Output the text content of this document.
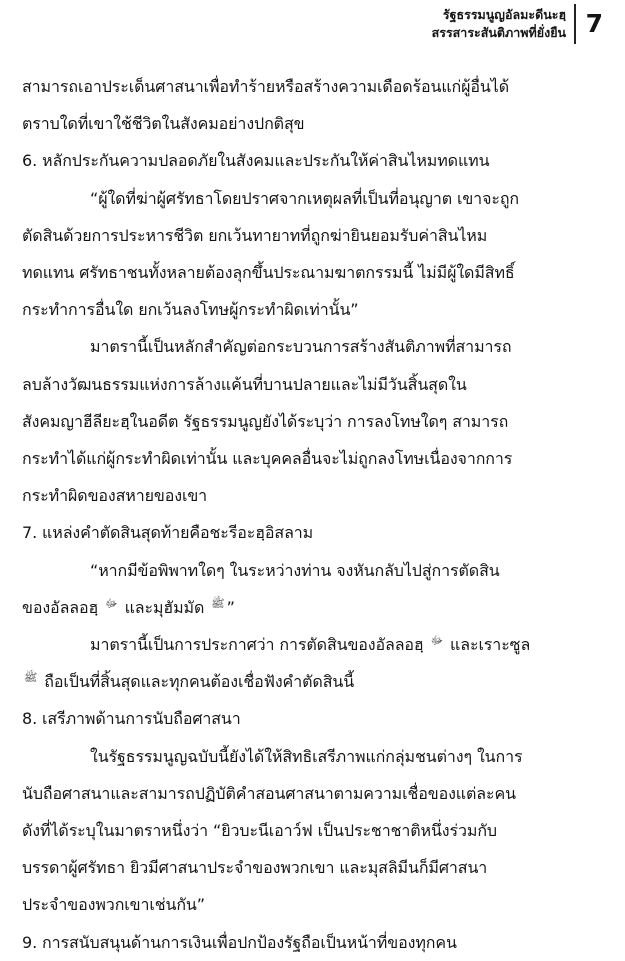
รัฐธรรมนูญอัลมะดีนะฮฺ
สรรสาระสันติภาพที่ยั่งยืน 7

สามารถเอาประเด็นศาสนาเพื่อทำร้ายหรือสร้างความเดือดร้อนแก่ผู้อื่นได้

ตราบใดที่เขาใช้ชีวิตในสังคมอย่างปกติสุข

6. หลักประกันความปลอดภัยในสังคมและประกันให้ค่าสินไหมทดแทน

“ผู้ใดที่ฆ่าผู้ศรัทธาโดยปราศจากเหตุผลที่เป็นที่อนุญาต เขาจะถูก

ตัดสินด้วยการประหารชีวิต ยกเว้นทายาทที่ถูกฆ่ายินยอมรับค่าสินไหม

ทดแทน ศรัทธาชนทั้งหลายต้องลุกขึ้นประณามฆาตกรรมนี้ ไม่มีผู้ใดมีสิทธิ์

กระทำการอื่นใด ยกเว้นลงโทษผู้กระทำผิดเท่านั้น”

มาตรานี้เป็นหลักสำคัญต่อกระบวนการสร้างสันติภาพที่สามารถ

ลบล้างวัฒนธรรมแห่งการล้างแค้นที่บานปลายและไม่มีวันสิ้นสุดใน

สังคมญาฮีลียะฮฺในอดีต รัฐธรรมนูญยังได้ระบุว่า การลงโทษใดๆ สามารถ

กระทำได้แก่ผู้กระทำผิดเท่านั้น และบุคคลอื่นจะไม่ถูกลงโทษเนื่องจากการ

กระทำผิดของสหายของเขา

7. แหล่งคำตัดสินสุดท้ายคือชะรีอะฮฺอิสลาม

“หากมีข้อพิพาทใดๆ ในระหว่างท่าน จงหันกลับไปสู่การตัดสิน

ของอัลลอฮฺ ﷻ และมุฮัมมัด ﷺ ”

มาตรานี้เป็นการประกาศว่า การตัดสินของอัลลอฮฺ ﷻ และเราะซูล

ﷺ ถือเป็นที่สิ้นสุดและทุกคนต้องเชื่อฟังคำตัดสินนี้

8. เสรีภาพด้านการนับถือศาสนา

ในรัฐธรรมนูญฉบับนี้ยังได้ให้สิทธิเสรีภาพแก่กลุ่มชนต่างๆ ในการ

นับถือศาสนาและสามารถปฏิบัติคำสอนศาสนาตามความเชื่อของแต่ละคน

ดังที่ได้ระบุในมาตราหนึ่งว่า “ยิวบะนีเอาว์ฟ เป็นประชาชาติหนึ่งร่วมกับ

บรรดาผู้ศรัทธา ยิวมีศาสนาประจำของพวกเขา และมุสลิมีนก็มีศาสนา

ประจำของพวกเขาเช่นกัน”

9. การสนับสนุนด้านการเงินเพื่อปกป้องรัฐถือเป็นหน้าที่ของทุกคน
